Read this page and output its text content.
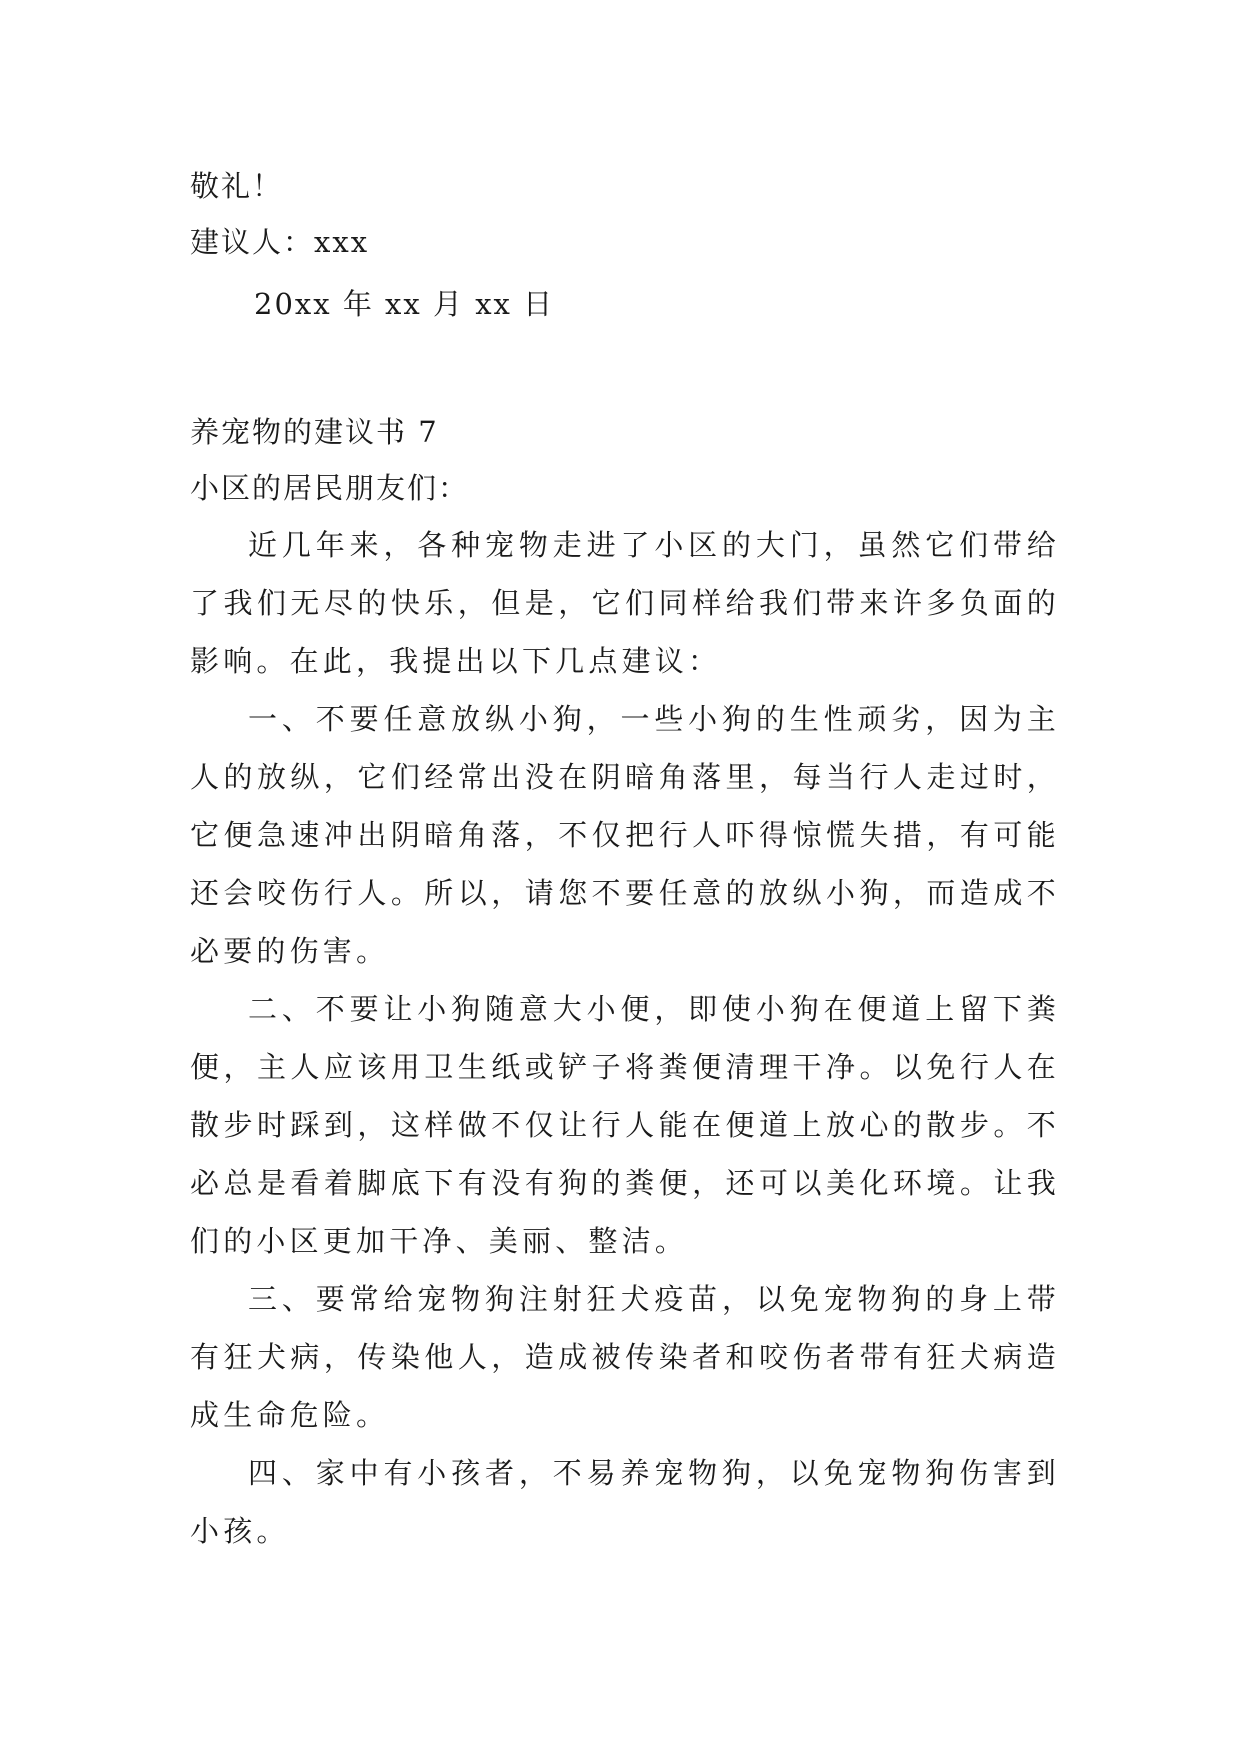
敬礼！

建议人：xxx

20xx 年 xx 月 xx 日

养宠物的建议书 7

小区的居民朋友们：

近几年来，各种宠物走进了小区的大门，虽然它们带给了我们无尽的快乐，但是，它们同样给我们带来许多负面的影响。在此，我提出以下几点建议：

一、不要任意放纵小狗，一些小狗的生性顽劣，因为主人的放纵，它们经常出没在阴暗角落里，每当行人走过时，它便急速冲出阴暗角落，不仅把行人吓得惊慌失措，有可能还会咬伤行人。所以，请您不要任意的放纵小狗，而造成不必要的伤害。

二、不要让小狗随意大小便，即使小狗在便道上留下粪便，主人应该用卫生纸或铲子将粪便清理干净。以免行人在散步时踩到，这样做不仅让行人能在便道上放心的散步。不必总是看着脚底下有没有狗的粪便，还可以美化环境。让我们的小区更加干净、美丽、整洁。

三、要常给宠物狗注射狂犬疫苗，以免宠物狗的身上带有狂犬病，传染他人，造成被传染者和咬伤者带有狂犬病造成生命危险。

四、家中有小孩者，不易养宠物狗，以免宠物狗伤害到小孩。
